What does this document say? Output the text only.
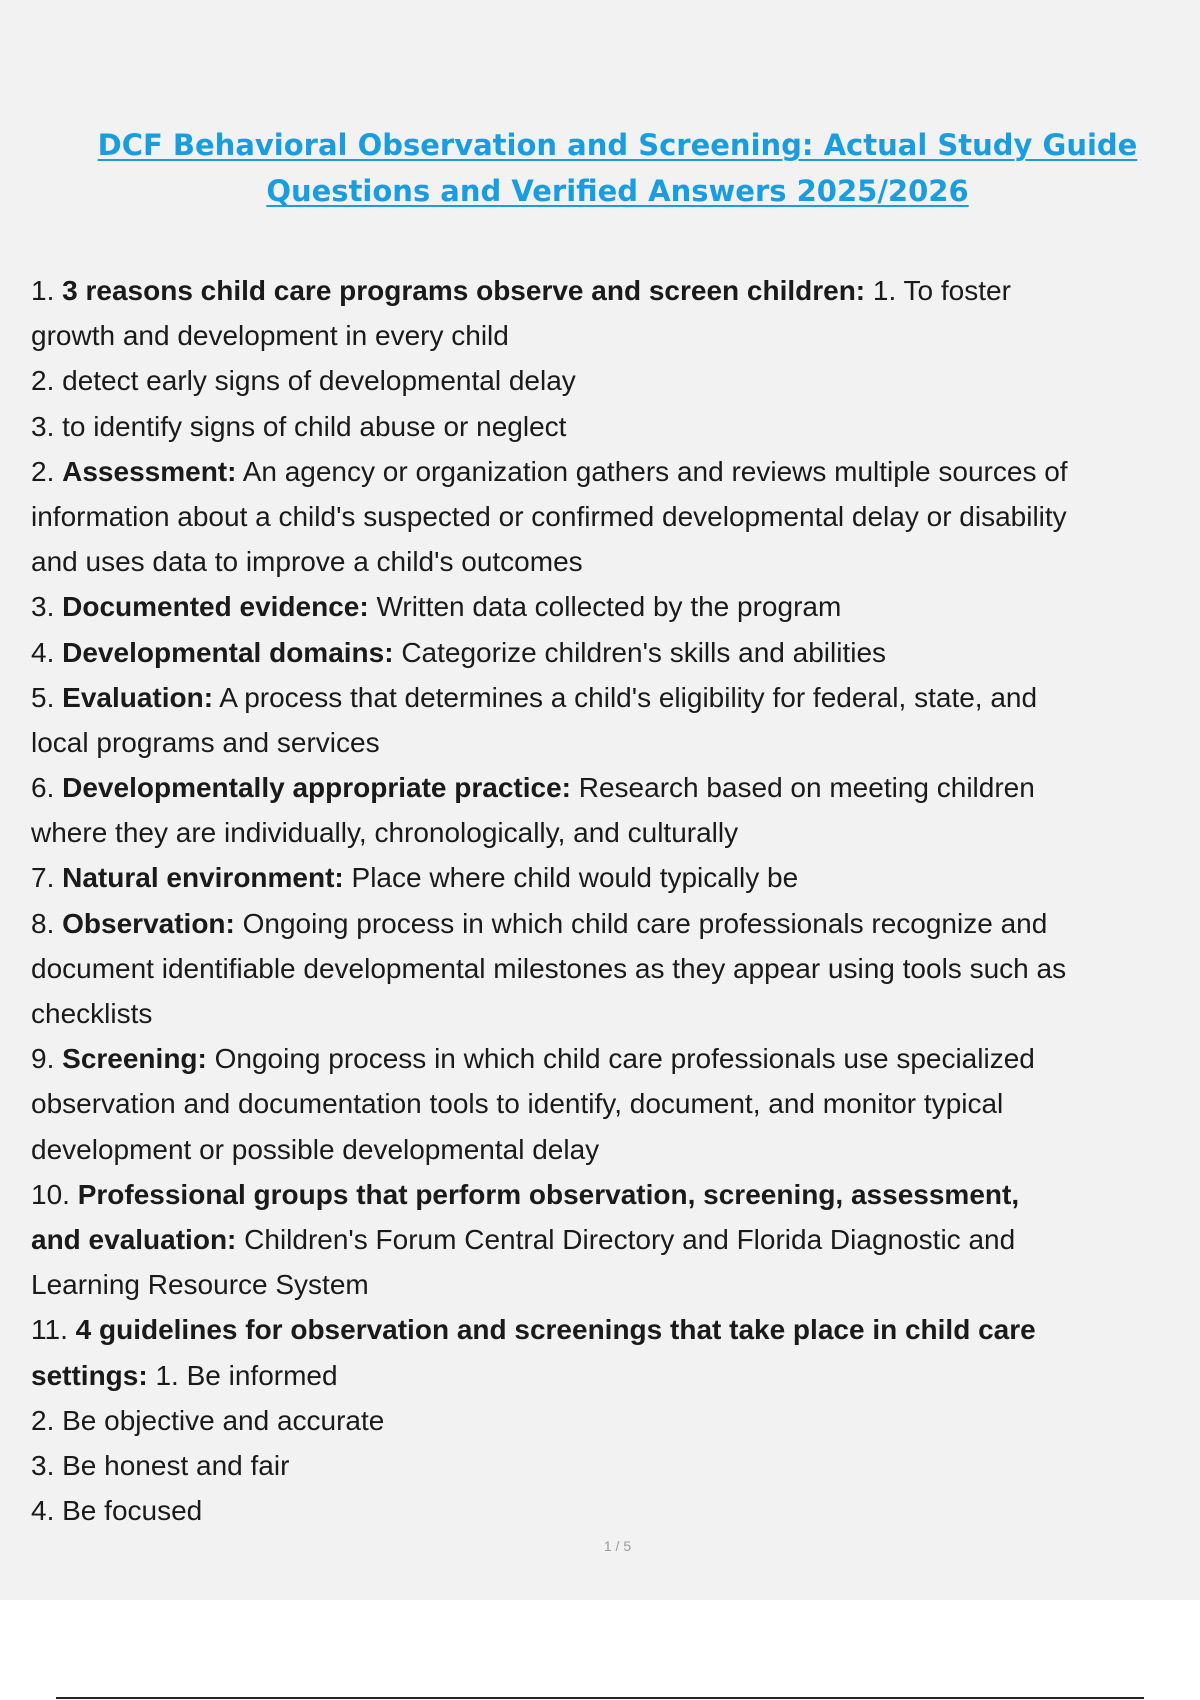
DCF Behavioral Observation and Screening: Actual Study Guide
Questions and Verified Answers 2025/2026
1. 3 reasons child care programs observe and screen children: 1. To foster
growth and development in every child
2. detect early signs of developmental delay
3. to identify signs of child abuse or neglect
2. Assessment: An agency or organization gathers and reviews multiple sources of
information about a child's suspected or confirmed developmental delay or disability
and uses data to improve a child's outcomes
3. Documented evidence: Written data collected by the program
4. Developmental domains: Categorize children's skills and abilities
5. Evaluation: A process that determines a child's eligibility for federal, state, and
local programs and services
6. Developmentally appropriate practice: Research based on meeting children
where they are individually, chronologically, and culturally
7. Natural environment: Place where child would typically be
8. Observation: Ongoing process in which child care professionals recognize and
document identifiable developmental milestones as they appear using tools such as
checklists
9. Screening: Ongoing process in which child care professionals use specialized
observation and documentation tools to identify, document, and monitor typical
development or possible developmental delay
10. Professional groups that perform observation, screening, assessment,
and evaluation: Children's Forum Central Directory and Florida Diagnostic and
Learning Resource System
11. 4 guidelines for observation and screenings that take place in child care
settings: 1. Be informed
2. Be objective and accurate
3. Be honest and fair
4. Be focused
1 / 5
